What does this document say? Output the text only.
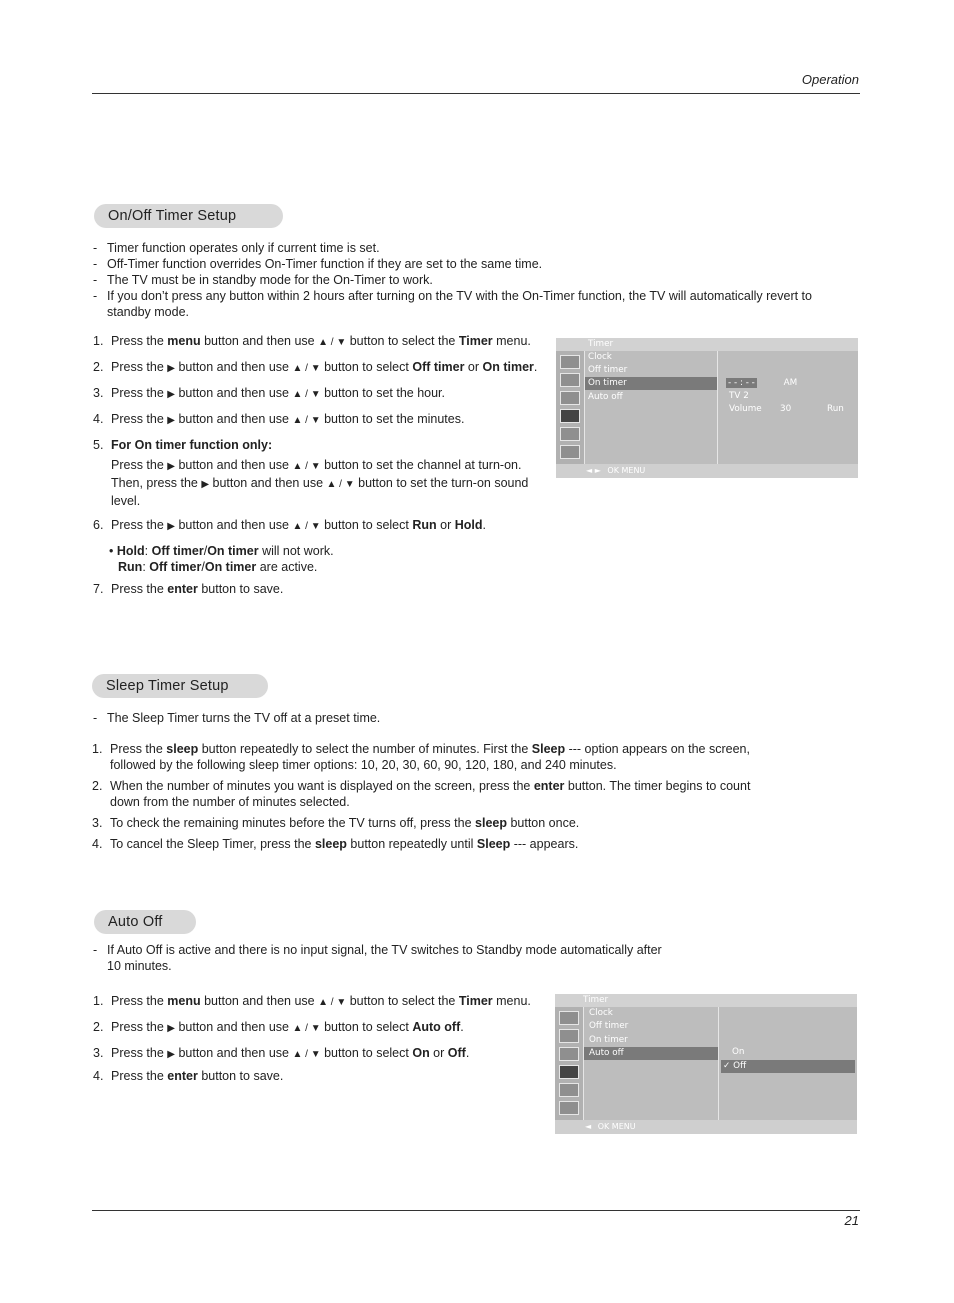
Operation
On/Off Timer Setup
- Timer function operates only if current time is set.
- Off-Timer function overrides On-Timer function if they are set to the same time.
- The TV must be in standby mode for the On-Timer to work.
- If you don’t press any button within 2 hours after turning on the TV with the On-Timer function, the TV will automatically revert to standby mode.
1. Press the menu button and then use ▲ / ▼ button to select the Timer menu.
2. Press the ▶ button and then use ▲ / ▼ button to select Off timer or On timer.
3. Press the ▶ button and then use ▲ / ▼ button to set the hour.
4. Press the ▶ button and then use ▲ / ▼ button to set the minutes.
5. For On timer function only:
Press the ▶ button and then use ▲ / ▼ button to set the channel at turn-on.
Then, press the ▶ button and then use ▲ / ▼ button to set the turn-on sound level.
6. Press the ▶ button and then use ▲ / ▼ button to select Run or Hold.
• Hold: Off timer/On timer will not work.
Run: Off timer/On timer are active.
7. Press the enter button to save.
Timer
Clock
Off timer
On timer
Auto off
- - : - -	AM
TV 2
Volume 30	Run
◄ ► OK MENU
Sleep Timer Setup
- The Sleep Timer turns the TV off at a preset time.
1. Press the sleep button repeatedly to select the number of minutes. First the Sleep --- option appears on the screen, followed by the following sleep timer options: 10, 20, 30, 60, 90, 120, 180, and 240 minutes.
2. When the number of minutes you want is displayed on the screen, press the enter button. The timer begins to count down from the number of minutes selected.
3. To check the remaining minutes before the TV turns off, press the sleep button once.
4. To cancel the Sleep Timer, press the sleep button repeatedly until Sleep --- appears.
Auto Off
- If Auto Off is active and there is no input signal, the TV switches to Standby mode automatically after 10 minutes.
1. Press the menu button and then use ▲ / ▼ button to select the Timer menu.
2. Press the ▶ button and then use ▲ / ▼ button to select Auto off.
3. Press the ▶ button and then use ▲ / ▼ button to select On or Off.
4. Press the enter button to save.
Timer
Clock
Off timer
On timer
Auto off	On
✓ Off
◄ OK MENU
21
